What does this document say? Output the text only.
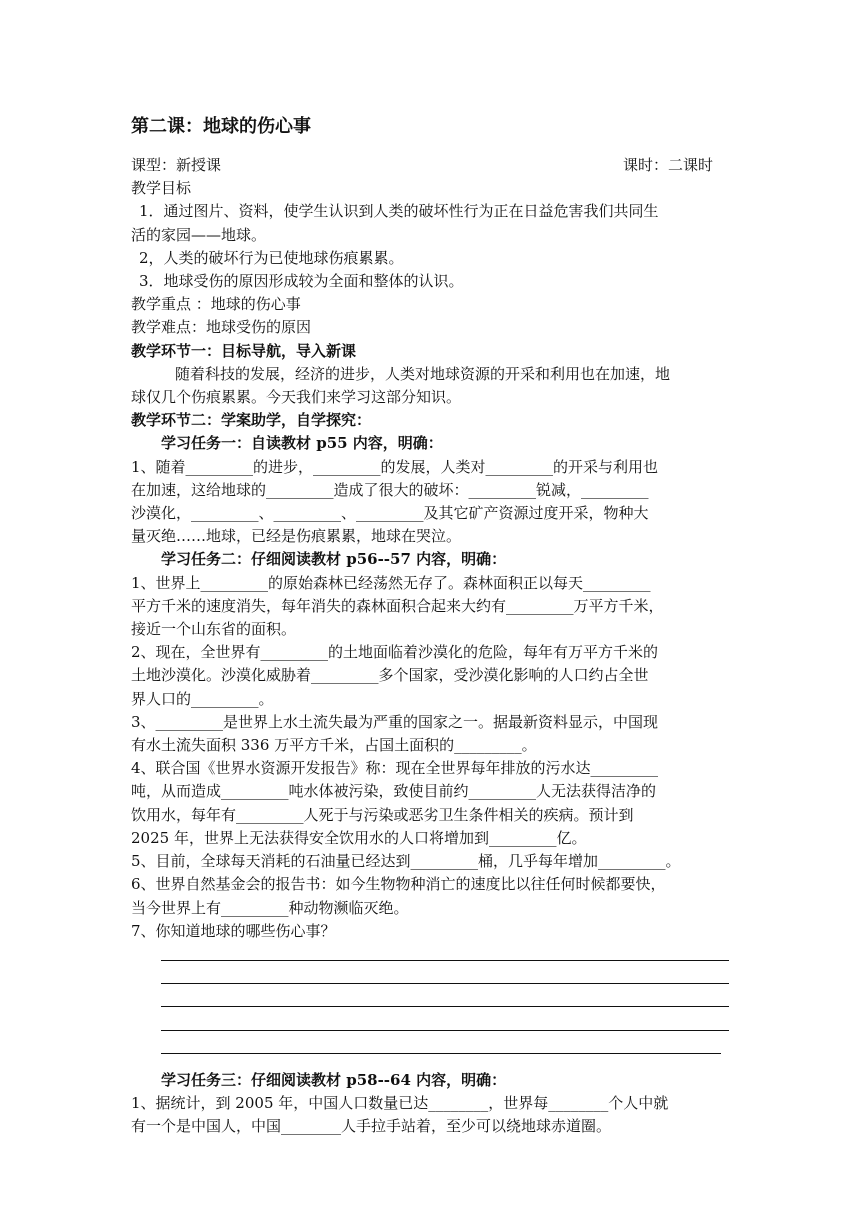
第二课：地球的伤心事
课型：新授课	课时：二课时

教学目标

1．通过图片、资料，使学生认识到人类的破坏性行为正在日益危害我们共同生

活的家园——地球。

2，人类的破坏行为已使地球伤痕累累。

3．地球受伤的原因形成较为全面和整体的认识。

教学重点 ：地球的伤心事

教学难点：地球受伤的原因

教学环节一：目标导航，导入新课

随着科技的发展，经济的进步，人类对地球资源的开采和利用也在加速，地

球仅几个伤痕累累。今天我们来学习这部分知识。

教学环节二：学案助学，自学探究：

学习任务一：自读教材 p55 内容，明确：

1、随着_________的进步，_________的发展，人类对_________的开采与利用也

在加速，这给地球的_________造成了很大的破坏：_________锐减，_________

沙漠化，_________、_________、_________及其它矿产资源过度开采，物种大

量灭绝……地球，已经是伤痕累累，地球在哭泣。

学习任务二：仔细阅读教材 p56--57 内容，明确：

1、世界上_________的原始森林已经荡然无存了。森林面积正以每天_________

平方千米的速度消失，每年消失的森林面积合起来大约有_________万平方千米，

接近一个山东省的面积。

2、现在，全世界有_________的土地面临着沙漠化的危险，每年有万平方千米的

土地沙漠化。沙漠化威胁着_________多个国家，受沙漠化影响的人口约占全世

界人口的_________。

3、_________是世界上水土流失最为严重的国家之一。据最新资料显示，中国现

有水土流失面积 336 万平方千米，占国土面积的_________。

4、联合国《世界水资源开发报告》称：现在全世界每年排放的污水达_________

吨，从而造成_________吨水体被污染，致使目前约_________人无法获得洁净的

饮用水，每年有_________人死于与污染或恶劣卫生条件相关的疾病。预计到

2025 年，世界上无法获得安全饮用水的人口将增加到_________亿。

5、目前，全球每天消耗的石油量已经达到_________桶，几乎每年增加_________。

6、世界自然基金会的报告书：如今生物物种消亡的速度比以往任何时候都要快，

当今世界上有_________种动物濒临灭绝。

7、你知道地球的哪些伤心事？

学习任务三：仔细阅读教材 p58--64 内容，明确：

1、据统计，到 2005 年，中国人口数量已达________，世界每________个人中就

有一个是中国人，中国________人手拉手站着，至少可以绕地球赤道圈。
